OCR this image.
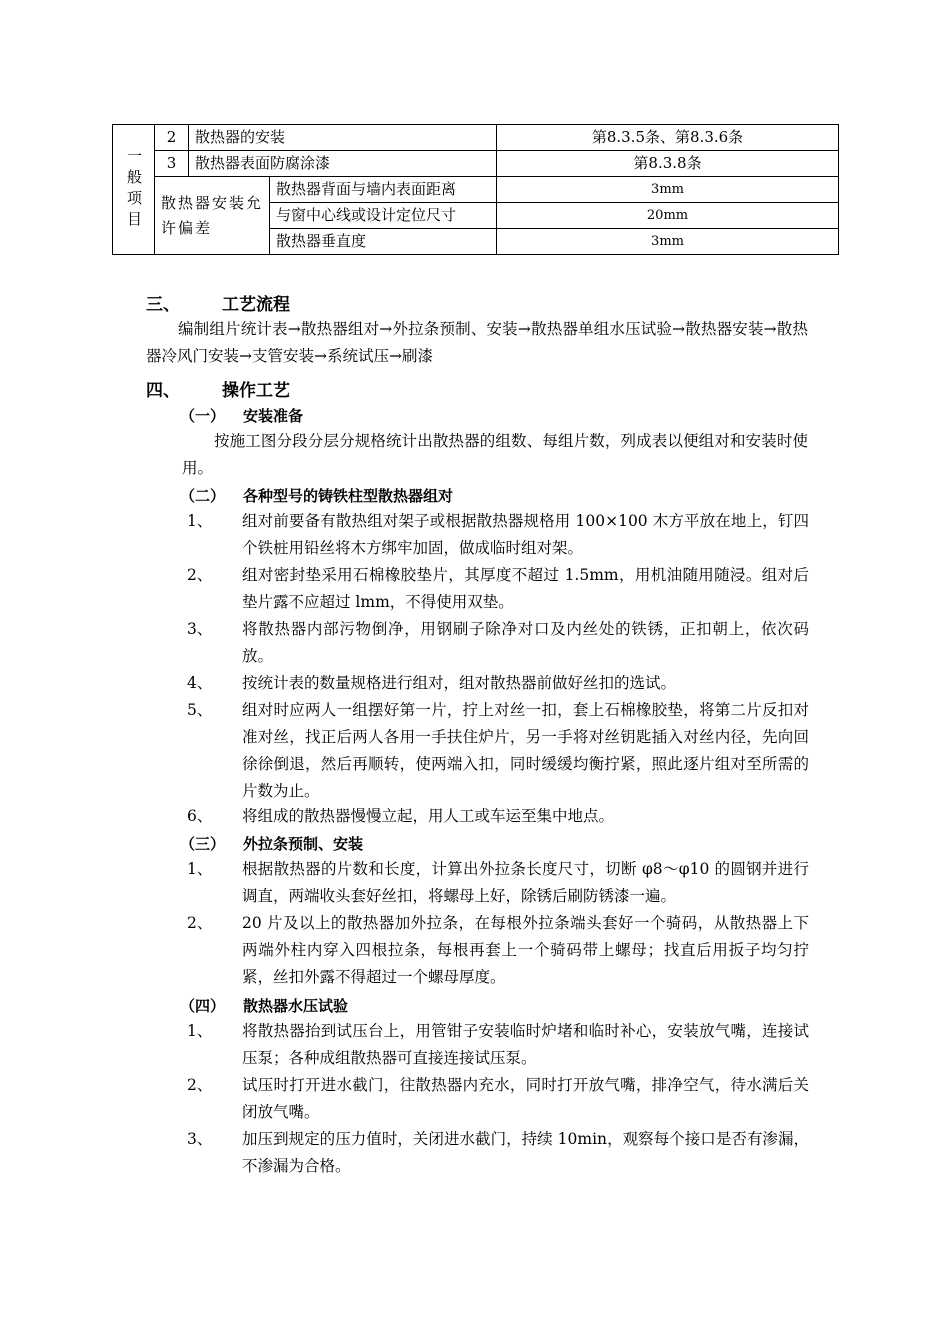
一般项目	2	散热器的安装		第8.3.5条、第8.3.6条
	3	散热器表面防腐涂漆		第8.3.8条
	散热器安装允许偏差		散热器背面与墙内表面距离	3mm
			与窗中心线或设计定位尺寸	20mm
			散热器垂直度	3mm
三、 工艺流程
编制组片统计表→散热器组对→外拉条预制、安装→散热器单组水压试验→散热器安装→散热器冷风门安装→支管安装→系统试压→刷漆
四、 操作工艺
（一） 安装准备
按施工图分段分层分规格统计出散热器的组数、每组片数，列成表以便组对和安装时使用。
（二） 各种型号的铸铁柱型散热器组对
1、	组对前要备有散热组对架子或根据散热器规格用 100×100 木方平放在地上，钉四个铁桩用铅丝将木方绑牢加固，做成临时组对架。
2、	组对密封垫采用石棉橡胶垫片，其厚度不超过 1.5mm，用机油随用随浸。组对后垫片露不应超过 lmm，不得使用双垫。
3、	将散热器内部污物倒净，用钢刷子除净对口及内丝处的铁锈，正扣朝上，依次码放。
4、	按统计表的数量规格进行组对，组对散热器前做好丝扣的选试。
5、	组对时应两人一组摆好第一片，拧上对丝一扣，套上石棉橡胶垫，将第二片反扣对准对丝，找正后两人各用一手扶住炉片，另一手将对丝钥匙插入对丝内径，先向回徐徐倒退，然后再顺转，使两端入扣，同时缓缓均衡拧紧，照此逐片组对至所需的片数为止。
6、	将组成的散热器慢慢立起，用人工或车运至集中地点。
（三） 外拉条预制、安装
1、	根据散热器的片数和长度，计算出外拉条长度尺寸，切断 φ8～φ10 的圆钢并进行调直，两端收头套好丝扣，将螺母上好，除锈后刷防锈漆一遍。
2、	20 片及以上的散热器加外拉条，在每根外拉条端头套好一个骑码，从散热器上下两端外柱内穿入四根拉条，每根再套上一个骑码带上螺母；找直后用扳子均匀拧紧，丝扣外露不得超过一个螺母厚度。
（四） 散热器水压试验
1、	将散热器抬到试压台上，用管钳子安装临时炉堵和临时补心，安装放气嘴，连接试压泵；各种成组散热器可直接连接试压泵。
2、	试压时打开进水截门，往散热器内充水，同时打开放气嘴，排净空气，待水满后关闭放气嘴。
3、	加压到规定的压力值时，关闭进水截门，持续 10min，观察每个接口是否有渗漏，不渗漏为合格。
